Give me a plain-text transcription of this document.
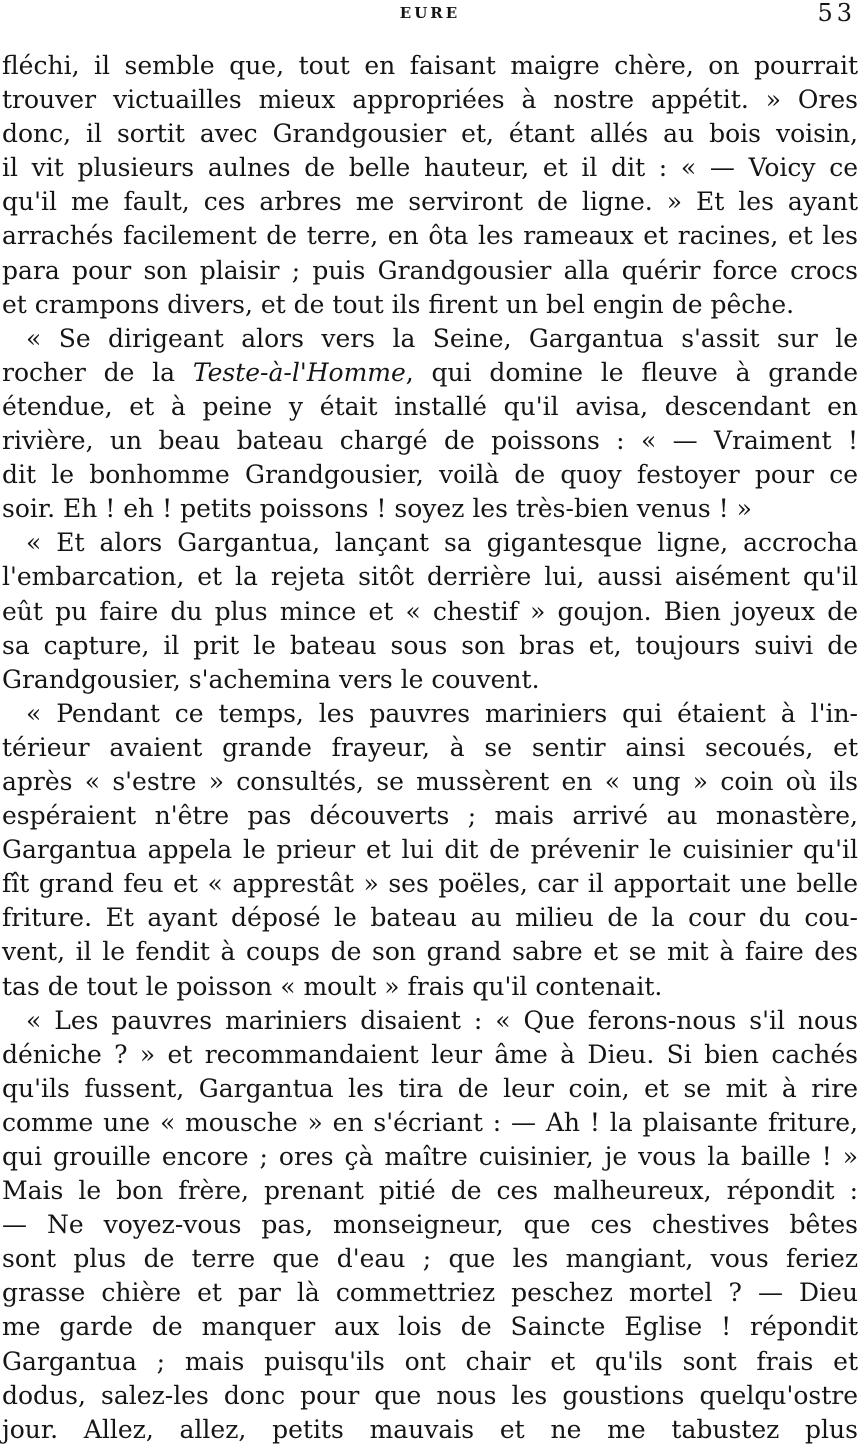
EURE	53
fléchi, il semble que, tout en faisant maigre chère, on pourrait
trouver victuailles mieux appropriées à nostre appétit. » Ores
donc, il sortit avec Grandgousier et, étant allés au bois voisin,
il vit plusieurs aulnes de belle hauteur, et il dit : « — Voicy ce
qu'il me fault, ces arbres me serviront de ligne. » Et les ayant
arrachés facilement de terre, en ôta les rameaux et racines, et les
para pour son plaisir ; puis Grandgousier alla quérir force crocs
et crampons divers, et de tout ils firent un bel engin de pêche.
« Se dirigeant alors vers la Seine, Gargantua s'assit sur le
rocher de la Teste-à-l'Homme, qui domine le fleuve à grande
étendue, et à peine y était installé qu'il avisa, descendant en
rivière, un beau bateau chargé de poissons : « — Vraiment !
dit le bonhomme Grandgousier, voilà de quoy festoyer pour ce
soir. Eh ! eh ! petits poissons ! soyez les très-bien venus ! »
« Et alors Gargantua, lançant sa gigantesque ligne, accrocha
l'embarcation, et la rejeta sitôt derrière lui, aussi aisément qu'il
eût pu faire du plus mince et « chestif » goujon. Bien joyeux de
sa capture, il prit le bateau sous son bras et, toujours suivi de
Grandgousier, s'achemina vers le couvent.
« Pendant ce temps, les pauvres mariniers qui étaient à l'in-
térieur avaient grande frayeur, à se sentir ainsi secoués, et
après « s'estre » consultés, se mussèrent en « ung » coin où ils
espéraient n'être pas découverts ; mais arrivé au monastère,
Gargantua appela le prieur et lui dit de prévenir le cuisinier qu'il
fît grand feu et « apprestât » ses poëles, car il apportait une belle
friture. Et ayant déposé le bateau au milieu de la cour du cou-
vent, il le fendit à coups de son grand sabre et se mit à faire des
tas de tout le poisson « moult » frais qu'il contenait.
« Les pauvres mariniers disaient : « Que ferons-nous s'il nous
déniche ? » et recommandaient leur âme à Dieu. Si bien cachés
qu'ils fussent, Gargantua les tira de leur coin, et se mit à rire
comme une « mousche » en s'écriant : — Ah ! la plaisante friture,
qui grouille encore ; ores çà maître cuisinier, je vous la baille ! »
Mais le bon frère, prenant pitié de ces malheureux, répondit :
— Ne voyez-vous pas, monseigneur, que ces chestives bêtes
sont plus de terre que d'eau ; que les mangiant, vous feriez
grasse chière et par là commettriez peschez mortel ? — Dieu
me garde de manquer aux lois de Saincte Eglise ! répondit
Gargantua ; mais puisqu'ils ont chair et qu'ils sont frais et
dodus, salez-les donc pour que nous les goustions quelqu'ostre
jour. Allez, allez, petits mauvais et ne me tabustez plus
